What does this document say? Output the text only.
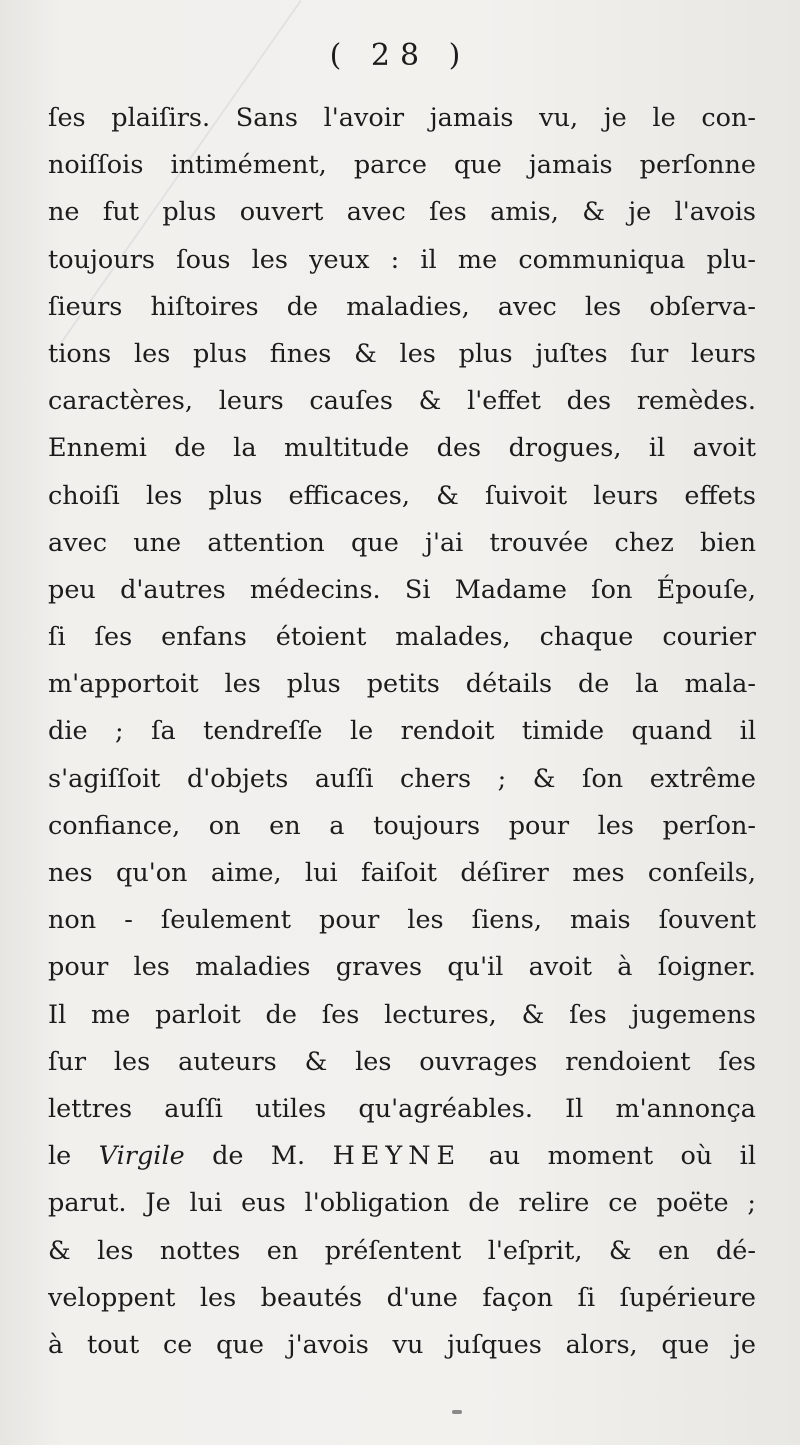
( 28 )
ſes plaiſirs. Sans l'avoir jamais vu, je le con-
noiſſois intimément, parce que jamais perſonne
ne fut plus ouvert avec ſes amis, & je l'avois
toujours ſous les yeux : il me communiqua plu-
ſieurs hiſtoires de maladies, avec les obſerva-
tions les plus fines & les plus juſtes ſur leurs
caractères, leurs cauſes & l'effet des remèdes.
Ennemi de la multitude des drogues, il avoit
choiſi les plus efficaces, & ſuivoit leurs effets
avec une attention que j'ai trouvée chez bien
peu d'autres médecins. Si Madame ſon Épouſe,
ſi ſes enfans étoient malades, chaque courier
m'apportoit les plus petits détails de la mala-
die ; ſa tendreſſe le rendoit timide quand il
s'agiſſoit d'objets auſſi chers ; & ſon extrême
confiance, on en a toujours pour les perſon-
nes qu'on aime, lui faiſoit déſirer mes conſeils,
non - ſeulement pour les ſiens, mais ſouvent
pour les maladies graves qu'il avoit à ſoigner.
Il me parloit de ſes lectures, & ſes jugemens
ſur les auteurs & les ouvrages rendoient ſes
lettres auſſi utiles qu'agréables. Il m'annonça
le Virgile de M. HEYNE au moment où il
parut. Je lui eus l'obligation de relire ce poëte ;
& les nottes en préſentent l'eſprit, & en dé-
veloppent les beautés d'une façon ſi ſupérieure
à tout ce que j'avois vu juſques alors, que je
